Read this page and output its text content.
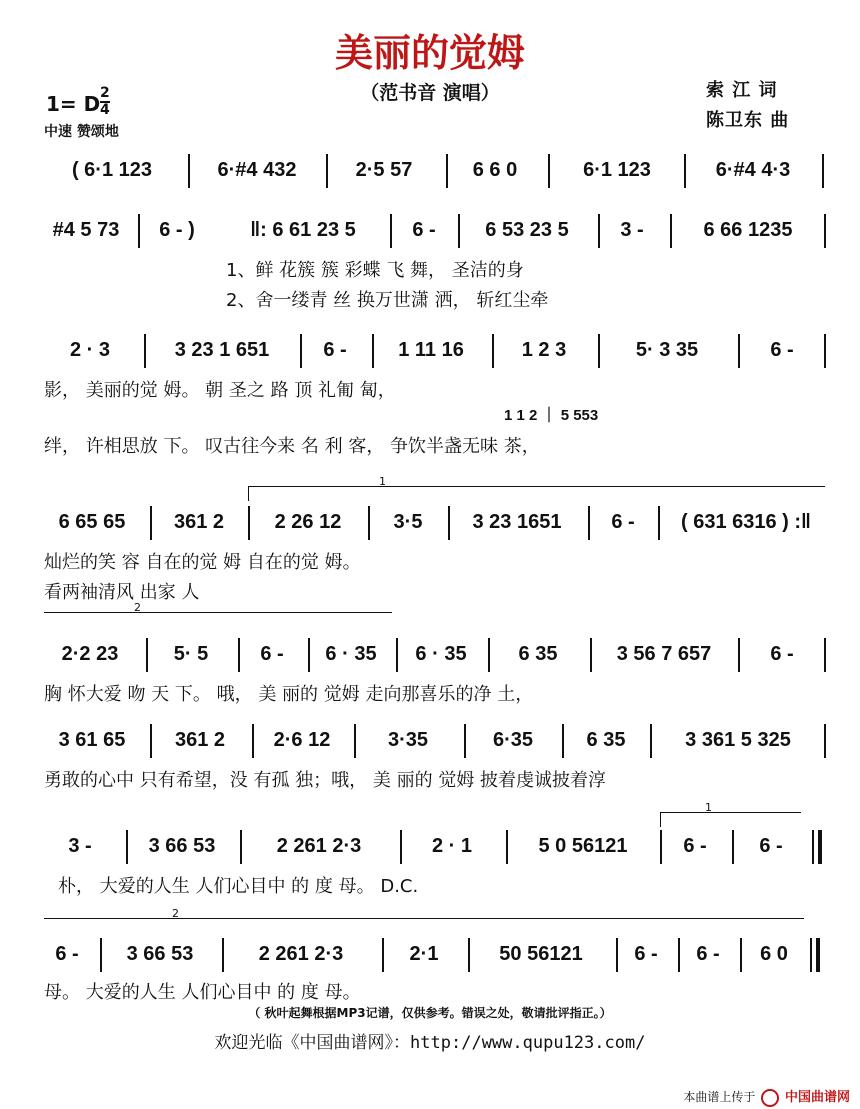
美丽的觉姆
（范书音 演唱）	索 江 词
陈卫东 曲
1= D $\frac{2}{4}$
中速 赞颂地
( 6·1 123	6·#4 432	2·5 57	6 6 0	6·1 123	6·#4 4·3
#4 5 73	6 - )	‖: 6 61 23 5	6 -	6 53 23 5	3 -	6 66 1235
1、鲜 花簇 簇 彩蝶 飞 舞， 圣洁的身
2、舍一缕青 丝 换万世潇 洒， 斩红尘牵
2 · 3	3 23 1 651	6 -	1 11 16	1 2 3	5· 3 35	6 -
影， 美丽的觉 姆。 朝 圣之 路 顶 礼匍 匐，
1 1 2 ｜ 5 553
绊， 许相思放 下。 叹古往今来 名 利 客， 争饮半盏无味 茶，
1
6 65 65	361 2	2 26 12	3·5	3 23 1651	6 -	( 631 6316 ) :‖
灿烂的笑 容 自在的觉 姆 自在的觉 姆。
看两袖清风 出家 人
2
2·2 23	5· 5	6 -	6 · 35	6 · 35	6 35	3 56 7 657	6 -
胸 怀大爱 吻 天 下。 哦， 美 丽的 觉姆 走向那喜乐的净 土，
3 61 65	361 2	2·6 12	3·35	6·35	6 35	3 361 5 325
勇敢的心中 只有希望，没 有孤 独；哦， 美 丽的 觉姆 披着虔诚披着淳
1
3 -	3 66 53	2 261 2·3	2 · 1	5 0 56121	6 -	6 -
朴， 大爱的人生 人们心目中 的 度 母。 D.C.
2
6 -	3 66 53	2 261 2·3	2·1	50 56121	6 -	6 -	6 0
母。 大爱的人生 人们心目中 的 度 母。
（ 秋叶起舞根据MP3记谱，仅供参考。错误之处，敬请批评指正。）
欢迎光临《中国曲谱网》：http://www.qupu123.com/
本曲谱上传于 中国曲谱网
